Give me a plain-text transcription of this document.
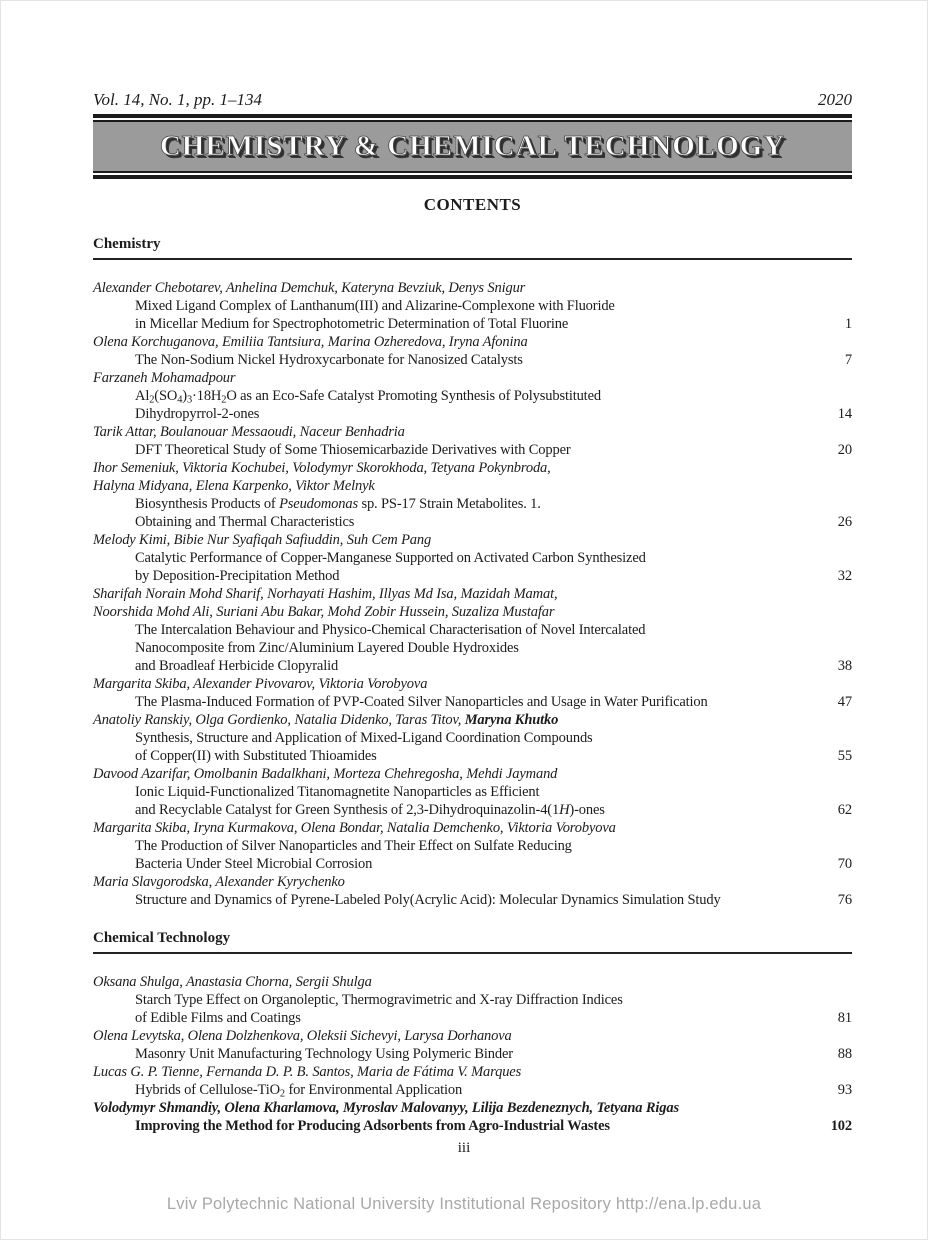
Vol. 14, No. 1, pp. 1–134	2020
CHEMISTRY & CHEMICAL TECHNOLOGY
CONTENTS
Chemistry
Alexander Chebotarev, Anhelina Demchuk, Kateryna Bevziuk, Denys Snigur
Mixed Ligand Complex of Lanthanum(III) and Alizarine-Complexone with Fluoride
in Micellar Medium for Spectrophotometric Determination of Total Fluorine	1
Olena Korchuganova, Emiliia Tantsiura, Marina Ozheredova, Iryna Afonina
The Non-Sodium Nickel Hydroxycarbonate for Nanosized Catalysts	7
Farzaneh Mohamadpour
Al2(SO4)3·18H2O as an Eco-Safe Catalyst Promoting Synthesis of Polysubstituted
Dihydropyrrol-2-ones	14
Tarik Attar, Boulanouar Messaoudi, Naceur Benhadria
DFT Theoretical Study of Some Thiosemicarbazide Derivatives with Copper	20
Ihor Semeniuk, Viktoria Kochubei, Volodymyr Skorokhoda, Tetyana Pokynbroda,
Halyna Midyana, Elena Karpenko, Viktor Melnyk
Biosynthesis Products of Pseudomonas sp. PS-17 Strain Metabolites. 1.
Obtaining and Thermal Characteristics	26
Melody Kimi, Bibie Nur Syafiqah Safiuddin, Suh Cem Pang
Catalytic Performance of Copper-Manganese Supported on Activated Carbon Synthesized
by Deposition-Precipitation Method	32
Sharifah Norain Mohd Sharif, Norhayati Hashim, Illyas Md Isa, Mazidah Mamat,
Noorshida Mohd Ali, Suriani Abu Bakar, Mohd Zobir Hussein, Suzaliza Mustafar
The Intercalation Behaviour and Physico-Chemical Characterisation of Novel Intercalated
Nanocomposite from Zinc/Aluminium Layered Double Hydroxides
and Broadleaf Herbicide Clopyralid	38
Margarita Skiba, Alexander Pivovarov, Viktoria Vorobyova
The Plasma-Induced Formation of PVP-Coated Silver Nanoparticles and Usage in Water Purification	47
Anatoliy Ranskiy, Olga Gordienko, Natalia Didenko, Taras Titov, Maryna Khutko
Synthesis, Structure and Application of Mixed-Ligand Coordination Compounds
of Copper(II) with Substituted Thioamides	55
Davood Azarifar, Omolbanin Badalkhani, Morteza Chehregosha, Mehdi Jaymand
Ionic Liquid-Functionalized Titanomagnetite Nanoparticles as Efficient
and Recyclable Catalyst for Green Synthesis of 2,3-Dihydroquinazolin-4(1H)-ones	62
Margarita Skiba, Iryna Kurmakova, Olena Bondar, Natalia Demchenko, Viktoria Vorobyova
The Production of Silver Nanoparticles and Their Effect on Sulfate Reducing
Bacteria Under Steel Microbial Corrosion	70
Maria Slavgorodska, Alexander Kyrychenko
Structure and Dynamics of Pyrene-Labeled Poly(Acrylic Acid): Molecular Dynamics Simulation Study	76
Chemical Technology
Oksana Shulga, Anastasia Chorna, Sergii Shulga
Starch Type Effect on Organoleptic, Thermogravimetric and X-ray Diffraction Indices
of Edible Films and Coatings	81
Olena Levytska, Olena Dolzhenkova, Oleksii Sichevyi, Larysa Dorhanova
Masonry Unit Manufacturing Technology Using Polymeric Binder	88
Lucas G. P. Tienne, Fernanda D. P. B. Santos, Maria de Fátima V. Marques
Hybrids of Cellulose-TiO2 for Environmental Application	93
Volodymyr Shmandiy, Olena Kharlamova, Myroslav Malovanyy, Lilija Bezdeneznych, Tetyana Rigas
Improving the Method for Producing Adsorbents from Agro-Industrial Wastes	102
iii
Lviv Polytechnic National University Institutional Repository http://ena.lp.edu.ua
